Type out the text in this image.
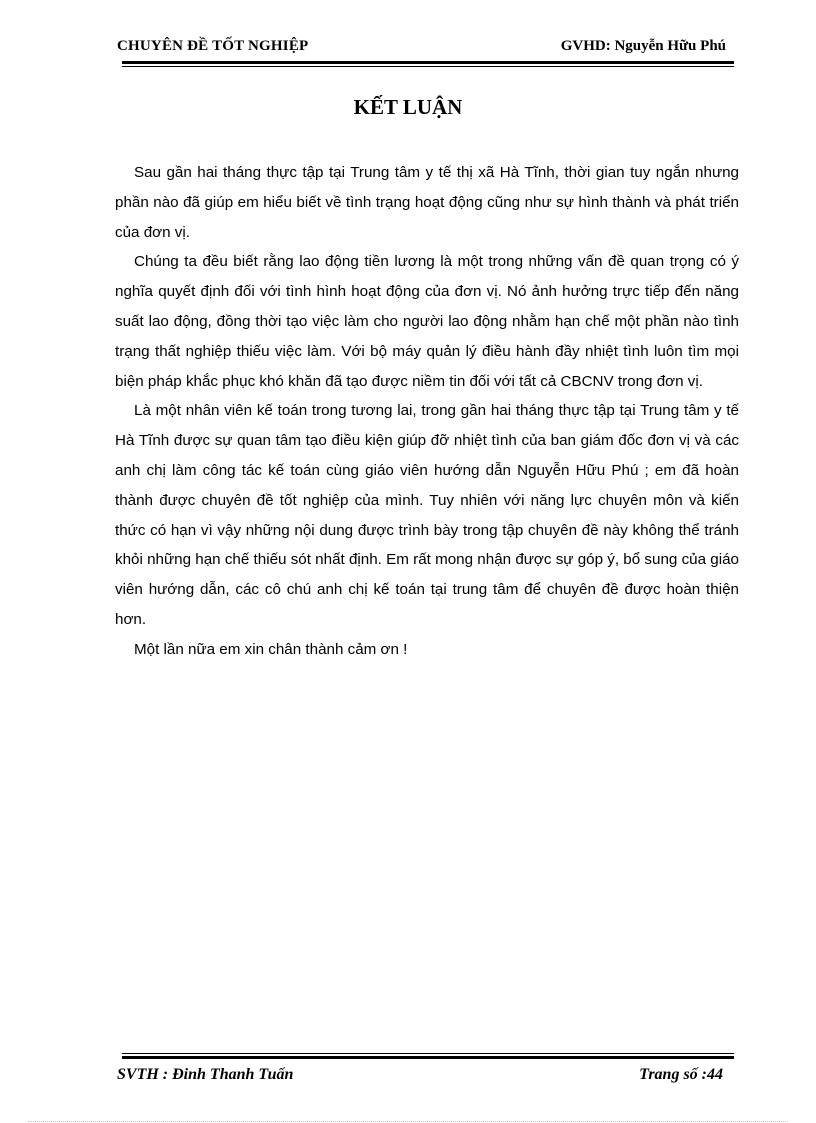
CHUYÊN ĐỀ TỐT NGHIỆP	GVHD: Nguyễn Hữu Phú
KẾT LUẬN

Sau gần hai tháng thực tập tại Trung tâm y tế thị xã Hà Tĩnh, thời gian tuy ngắn nhưng phần nào đã giúp em hiểu biết về tình trạng hoạt động cũng như sự hình thành và phát triển của đơn vị.

Chúng ta đều biết rằng lao động tiền lương là một trong những vấn đề quan trọng có ý nghĩa quyết định đối với tình hình hoạt động của đơn vị. Nó ảnh hưởng trực tiếp đến năng suất lao động, đồng thời tạo việc làm cho người lao động nhằm hạn chế một phần nào tình trạng thất nghiệp thiếu việc làm. Với bộ máy quản lý điều hành đầy nhiệt tình luôn tìm mọi biện pháp khắc phục khó khăn đã tạo được niềm tin đối với tất cả CBCNV trong đơn vị.

Là một nhân viên kế toán trong tương lai, trong gần hai tháng thực tập tại Trung tâm y tế Hà Tĩnh được sự quan tâm tạo điều kiện giúp đỡ nhiệt tình của ban giám đốc đơn vị và các anh chị làm công tác kế toán cùng giáo viên hướng dẫn Nguyễn Hữu Phú ; em đã hoàn thành được chuyên đề tốt nghiệp của mình. Tuy nhiên với năng lực chuyên môn và kiến thức có hạn vì vậy những nội dung được trình bày trong tập chuyên đề này không thể tránh khỏi những hạn chế thiếu sót nhất định. Em rất mong nhận được sự góp ý, bổ sung của giáo viên hướng dẫn, các cô chú anh chị kế toán tại trung tâm để chuyên đề được hoàn thiện hơn.

Một lần nữa em xin chân thành cảm ơn !

SVTH : Đinh Thanh Tuấn	Trang số :44
